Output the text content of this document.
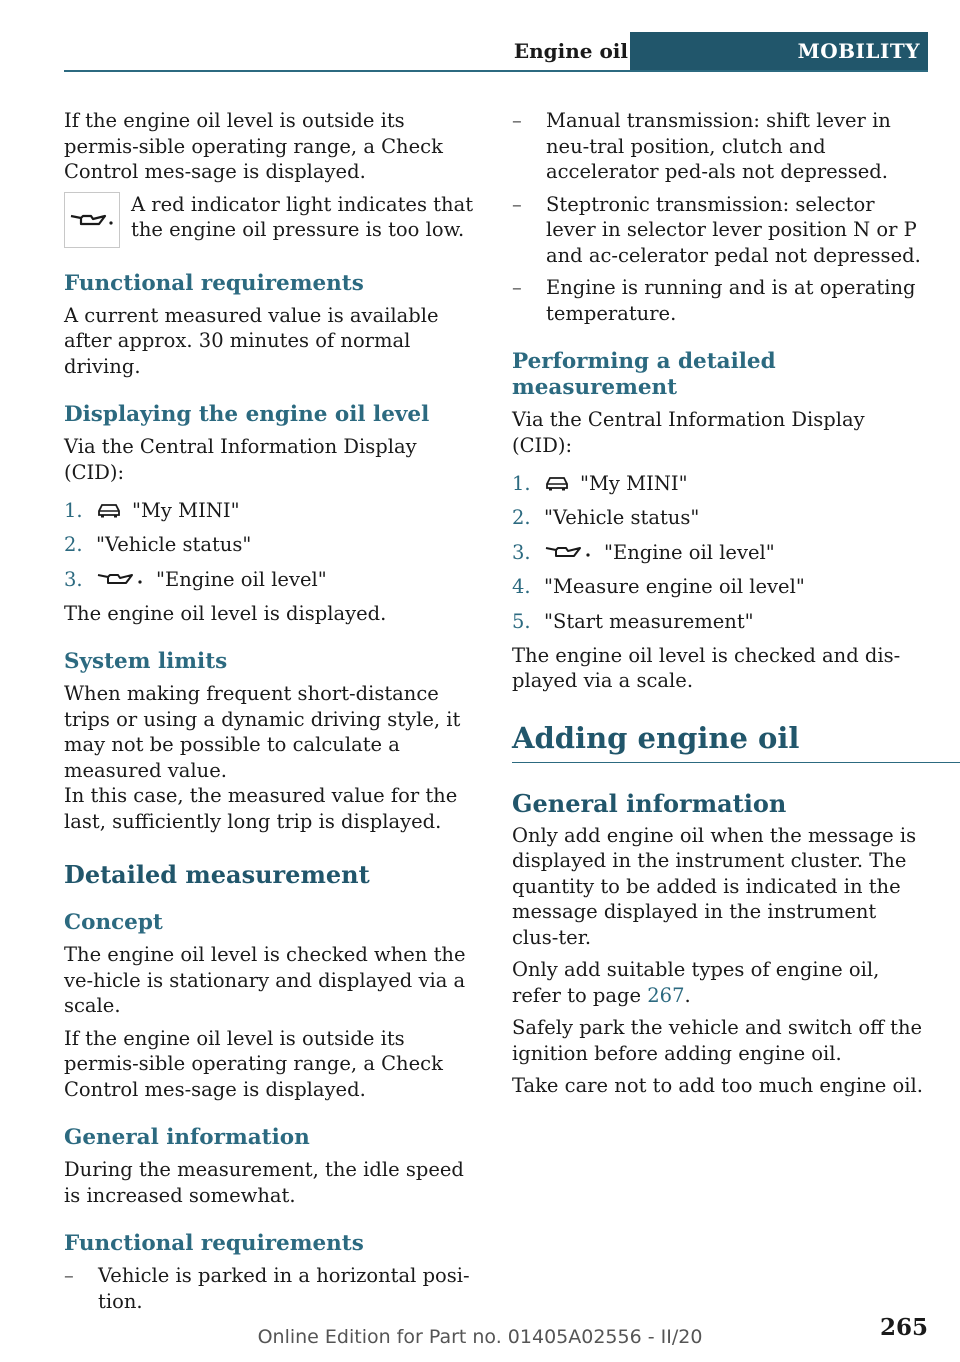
Engine oil	MOBILITY

If the engine oil level is outside its permis-sible operating range, a Check Control mes-sage is displayed.

A red indicator light indicates that the engine oil pressure is too low.
Functional requirements

A current measured value is available after approx. 30 minutes of normal driving.

Displaying the engine oil level

Via the Central Information Display (CID):

1.	"My MINI"
2. "Vehicle status"
3.	"Engine oil level"

The engine oil level is displayed.

System limits

When making frequent short-distance trips or using a dynamic driving style, it may not be possible to calculate a measured value.
In this case, the measured value for the last, sufficiently long trip is displayed.

Detailed measurement
Concept

The engine oil level is checked when the ve-hicle is stationary and displayed via a scale.

If the engine oil level is outside its permis-sible operating range, a Check Control mes-sage is displayed.

General information

During the measurement, the idle speed is increased somewhat.

Functional requirements
–	Vehicle is parked in a horizontal posi-tion.
–	Manual transmission: shift lever in neu-tral position, clutch and accelerator ped-als not depressed.
–	Steptronic transmission: selector lever in selector lever position N or P and ac-celerator pedal not depressed.
–	Engine is running and is at operating temperature.
Performing a detailed measurement

Via the Central Information Display (CID):

1.	"My MINI"
2. "Vehicle status"
3.	"Engine oil level"
4. "Measure engine oil level"
5. "Start measurement"

The engine oil level is checked and dis-played via a scale.

Adding engine oil
General information

Only add engine oil when the message is displayed in the instrument cluster. The quantity to be added is indicated in the message displayed in the instrument clus-ter.

Only add suitable types of engine oil, refer to page 267.

Safely park the vehicle and switch off the ignition before adding engine oil.

Take care not to add too much engine oil.

Online Edition for Part no. 01405A02556 - II/20	265
